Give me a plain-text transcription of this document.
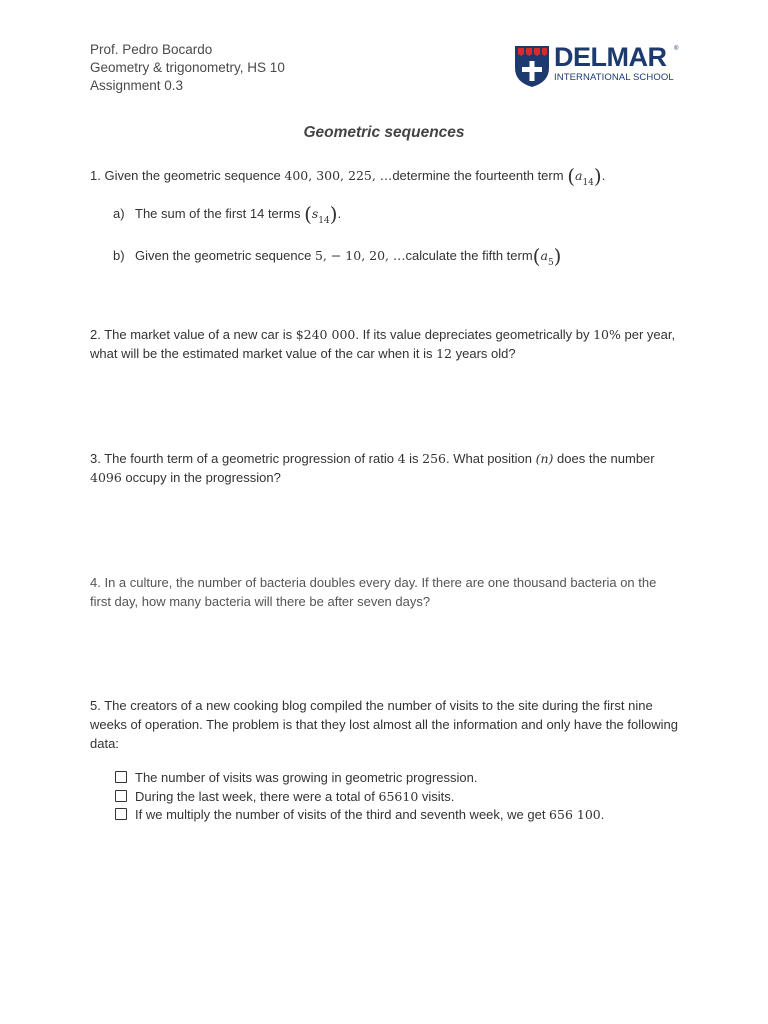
Prof. Pedro Bocardo
Geometry & trigonometry, HS 10
Assignment 0.3
DELMAR ®
INTERNATIONAL SCHOOL
Geometric sequences
1. Given the geometric sequence 400, 300, 225, …determine the fourteenth term $(a_{14})$.
a) The sum of the first 14 terms $(s_{14})$.
b) Given the geometric sequence 5, − 10, 20, …calculate the fifth $term(a_5)$
2. The market value of a new car is $240 000. If its value depreciates geometrically by 10% per year, what will be the estimated market value of the car when it is 12 years old?
3. The fourth term of a geometric progression of ratio 4 is 256. What position (n) does the number 4096 occupy in the progression?
4. In a culture, the number of bacteria doubles every day. If there are one thousand bacteria on the first day, how many bacteria will there be after seven days?
5. The creators of a new cooking blog compiled the number of visits to the site during the first nine weeks of operation. The problem is that they lost almost all the information and only have the following data:
The number of visits was growing in geometric progression.
During the last week, there were a total of 65610 visits.
If we multiply the number of visits of the third and seventh week, we get 656 100.
